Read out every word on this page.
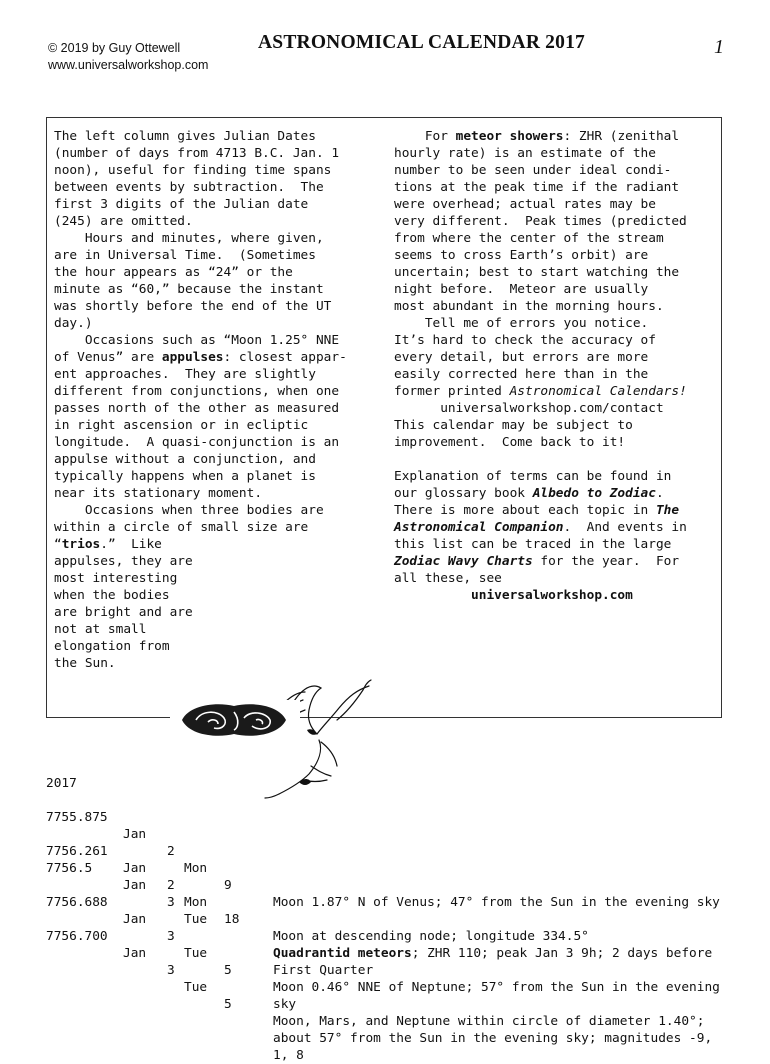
© 2019 by Guy Ottewell
www.universalworkshop.com
ASTRONOMICAL CALENDAR 2017	1
The left column gives Julian Dates
(number of days from 4713 B.C. Jan. 1
noon), useful for finding time spans
between events by subtraction.  The
first 3 digits of the Julian date
(245) are omitted.
Hours and minutes, where given,
are in Universal Time.  (Sometimes
the hour appears as “24” or the
minute as “60,” because the instant
was shortly before the end of the UT
day.)
Occasions such as “Moon 1.25° NNE
of Venus” are appulses: closest appar-
ent approaches.  They are slightly
different from conjunctions, when one
passes north of the other as measured
in right ascension or in ecliptic
longitude.  A quasi-conjunction is an
appulse without a conjunction, and
typically happens when a planet is
near its stationary moment.
Occasions when three bodies are
within a circle of small size are
“trios.”  Like
appulses, they are
most interesting
when the bodies
are bright and are
not at small
elongation from
the Sun.
For meteor showers: ZHR (zenithal
hourly rate) is an estimate of the
number to be seen under ideal condi-
tions at the peak time if the radiant
were overhead; actual rates may be
very different.  Peak times (predicted
from where the center of the stream
seems to cross Earth’s orbit) are
uncertain; best to start watching the
night before.  Meteor are usually
most abundant in the morning hours.
Tell me of errors you notice.
It’s hard to check the accuracy of
every detail, but errors are more
easily corrected here than in the
former printed Astronomical Calendars!
universalworkshop.com/contact
This calendar may be subject to
improvement.  Come back to it!

Explanation of terms can be found in
our glossary book Albedo to Zodiac.
There is more about each topic in The
Astronomical Companion.  And events in
this list can be traced in the large
Zodiac Wavy Charts for the year.  For
all these, see
universalworkshop.com
2017

7755.875

Jan

2

Mon

9

Moon 1.87° N of Venus; 47° from the Sun in the evening sky

7756.261

Jan

2

Mon

18

Moon at descending node; longitude 334.5°

7756.5

Jan

3

Tue

Quadrantid meteors; ZHR 110; peak Jan 3 9h; 2 days before First Quarter

7756.688

Jan

3

Tue

5

Moon 0.46° NNE of Neptune; 57° from the Sun in the evening sky

7756.700

Jan

3

Tue

5

Moon, Mars, and Neptune within circle of diameter 1.40°; about 57° from the Sun in the evening sky; magnitudes -9, 1, 8
